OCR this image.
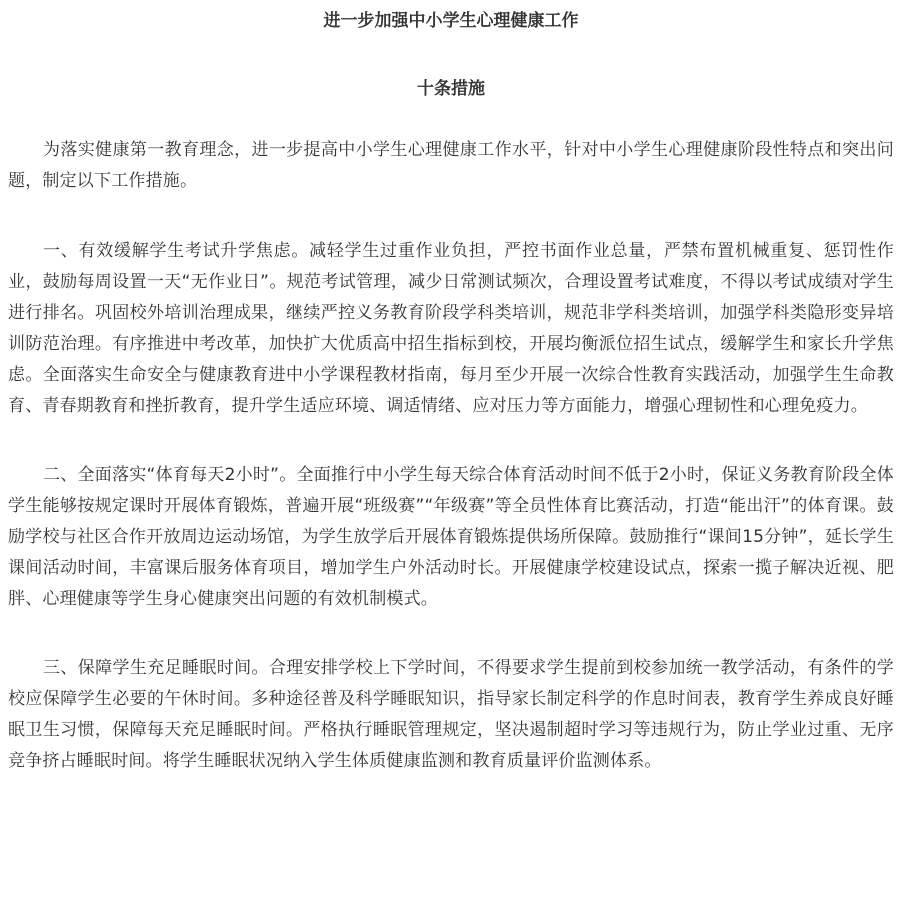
进一步加强中小学生心理健康工作
十条措施

为落实健康第一教育理念，进一步提高中小学生心理健康工作水平，针对中小学生心理健康阶段性特点和突出问题，制定以下工作措施。

一、有效缓解学生考试升学焦虑。减轻学生过重作业负担，严控书面作业总量，严禁布置机械重复、惩罚性作业，鼓励每周设置一天“无作业日”。规范考试管理，减少日常测试频次，合理设置考试难度，不得以考试成绩对学生进行排名。巩固校外培训治理成果，继续严控义务教育阶段学科类培训，规范非学科类培训，加强学科类隐形变异培训防范治理。有序推进中考改革，加快扩大优质高中招生指标到校，开展均衡派位招生试点，缓解学生和家长升学焦虑。全面落实生命安全与健康教育进中小学课程教材指南，每月至少开展一次综合性教育实践活动，加强学生生命教育、青春期教育和挫折教育，提升学生适应环境、调适情绪、应对压力等方面能力，增强心理韧性和心理免疫力。

二、全面落实“体育每天2小时”。全面推行中小学生每天综合体育活动时间不低于2小时，保证义务教育阶段全体学生能够按规定课时开展体育锻炼，普遍开展“班级赛”“年级赛”等全员性体育比赛活动，打造“能出汗”的体育课。鼓励学校与社区合作开放周边运动场馆，为学生放学后开展体育锻炼提供场所保障。鼓励推行“课间15分钟”，延长学生课间活动时间，丰富课后服务体育项目，增加学生户外活动时长。开展健康学校建设试点，探索一揽子解决近视、肥胖、心理健康等学生身心健康突出问题的有效机制模式。

三、保障学生充足睡眠时间。合理安排学校上下学时间，不得要求学生提前到校参加统一教学活动，有条件的学校应保障学生必要的午休时间。多种途径普及科学睡眠知识，指导家长制定科学的作息时间表，教育学生养成良好睡眠卫生习惯，保障每天充足睡眠时间。严格执行睡眠管理规定，坚决遏制超时学习等违规行为，防止学业过重、无序竞争挤占睡眠时间。将学生睡眠状况纳入学生体质健康监测和教育质量评价监测体系。
